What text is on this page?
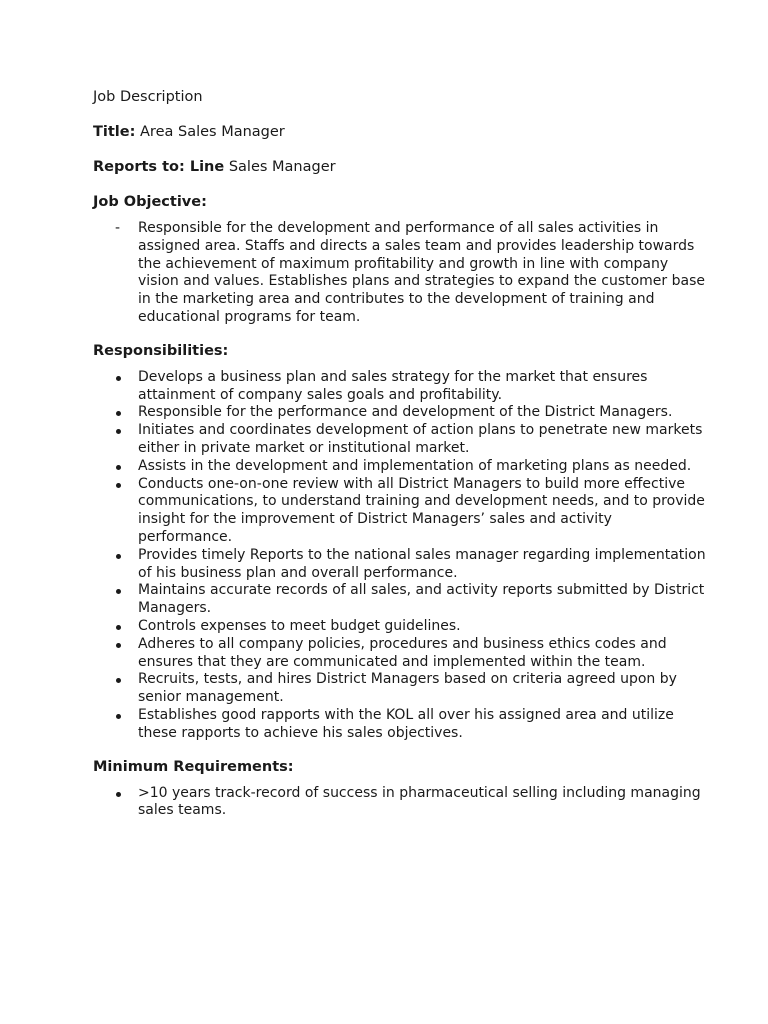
Job Description
Title: Area Sales Manager
Reports to: Line Sales Manager
Job Objective:
- Responsible for the development and performance of all sales activities in assigned area. Staffs and directs a sales team and provides leadership towards the achievement of maximum profitability and growth in line with company vision and values. Establishes plans and strategies to expand the customer base in the marketing area and contributes to the development of training and educational programs for team.
Responsibilities:
Develops a business plan and sales strategy for the market that ensures attainment of company sales goals and profitability.
Responsible for the performance and development of the District Managers.
Initiates and coordinates development of action plans to penetrate new markets either in private market or institutional market.
Assists in the development and implementation of marketing plans as needed.
Conducts one-on-one review with all District Managers to build more effective communications, to understand training and development needs, and to provide insight for the improvement of District Managers’ sales and activity performance.
Provides timely Reports to the national sales manager regarding implementation of his business plan and overall performance.
Maintains accurate records of all sales, and activity reports submitted by District Managers.
Controls expenses to meet budget guidelines.
Adheres to all company policies, procedures and business ethics codes and ensures that they are communicated and implemented within the team.
Recruits, tests, and hires District Managers based on criteria agreed upon by senior management.
Establishes good rapports with the KOL all over his assigned area and utilize these rapports to achieve his sales objectives.
Minimum Requirements:
>10 years track-record of success in pharmaceutical selling including managing sales teams.
